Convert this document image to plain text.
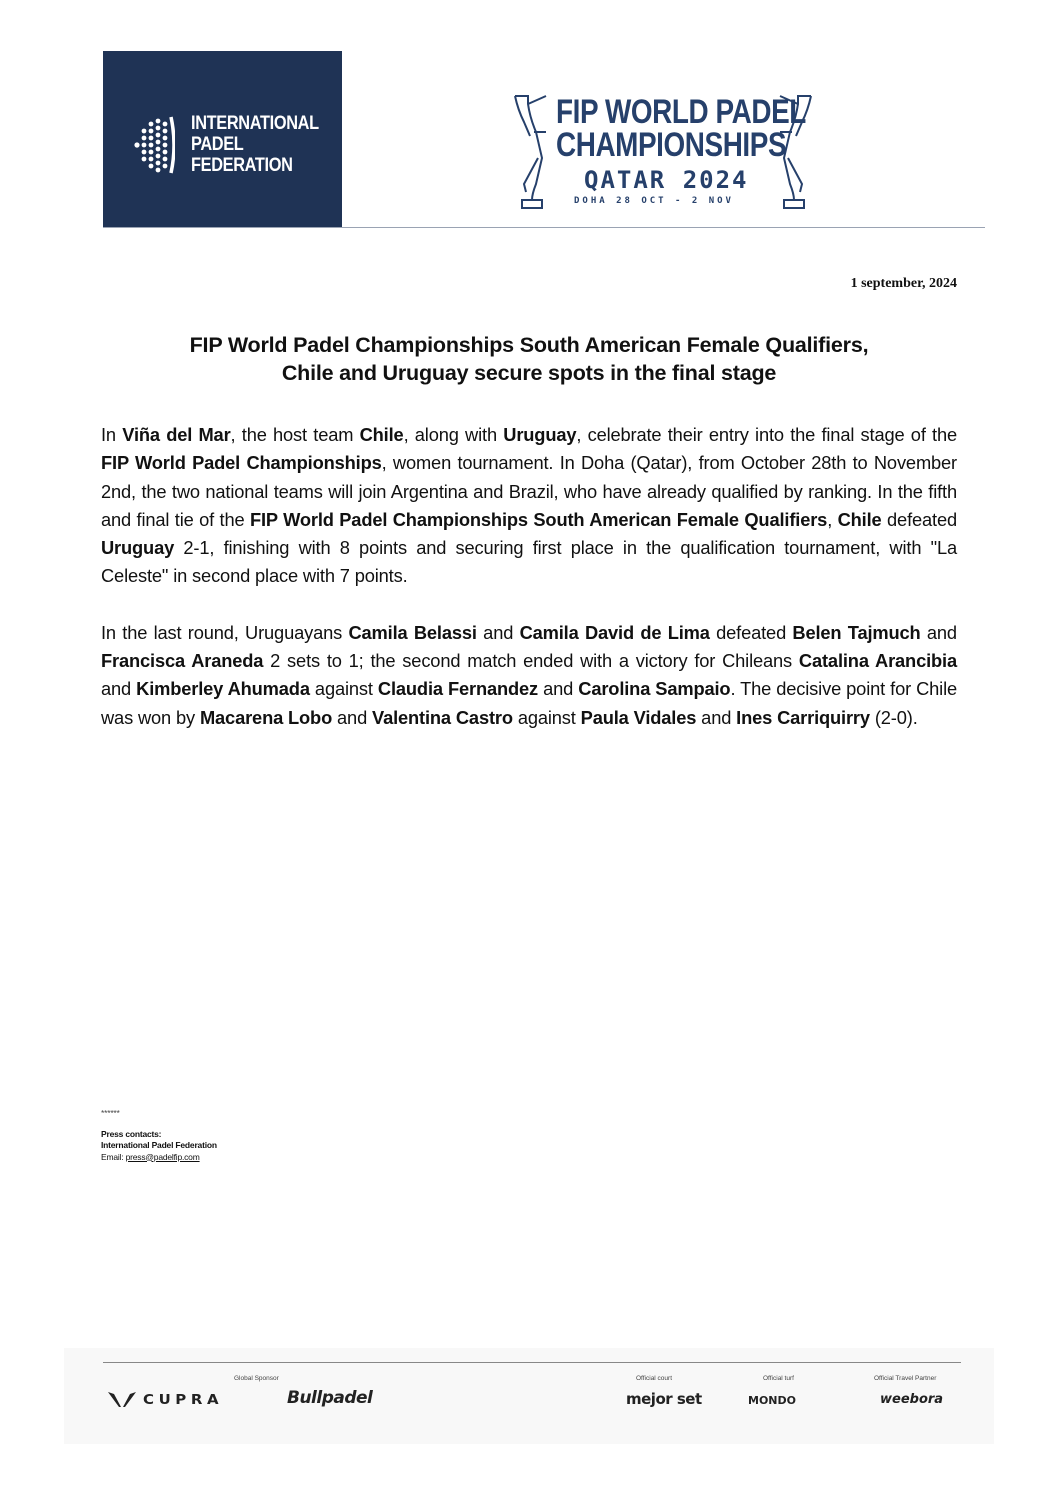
INTERNATIONAL
PADEL
FEDERATION
FIP WORLD PADEL
CHAMPIONSHIPS
QATAR 2024
DOHA 28 OCT - 2 NOV
1 september, 2024
FIP World Padel Championships South American Female Qualifiers,
Chile and Uruguay secure spots in the final stage

In Viña del Mar, the host team Chile, along with Uruguay, celebrate their entry into the final stage of the FIP World Padel Championships, women tournament. In Doha (Qatar), from October 28th to November 2nd, the two national teams will join Argentina and Brazil, who have already qualified by ranking. In the fifth and final tie of the FIP World Padel Championships South American Female Qualifiers, Chile defeated Uruguay 2-1, finishing with 8 points and securing first place in the qualification tournament, with "La Celeste" in second place with 7 points.

In the last round, Uruguayans Camila Belassi and Camila David de Lima defeated Belen Tajmuch and Francisca Araneda 2 sets to 1; the second match ended with a victory for Chileans Catalina Arancibia and Kimberley Ahumada against Claudia Fernandez and Carolina Sampaio. The decisive point for Chile was won by Macarena Lobo and Valentina Castro against Paula Vidales and Ines Carriquirry (2-0).

******
Press contacts:
International Padel Federation
Email: press@padelfip.com
Global Sponsor	Official court	Official turf	Official Travel Partner
CUPRA	Bullpadel	mejor set	MONDO	weebora
